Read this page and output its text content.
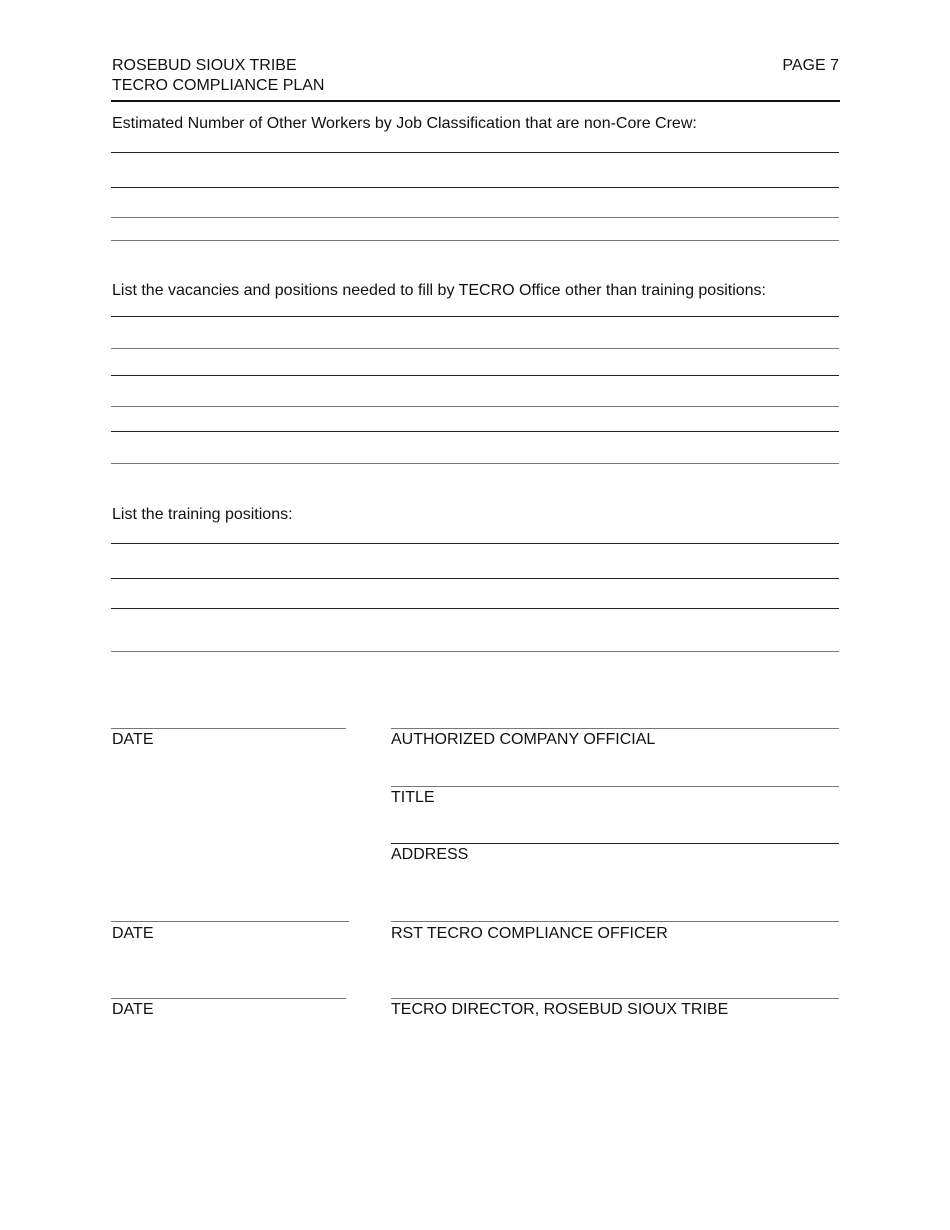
ROSEBUD SIOUX TRIBE
TECRO COMPLIANCE PLAN
PAGE 7
Estimated Number of Other Workers by Job Classification that are non-Core Crew:
List the vacancies and positions needed to fill by TECRO Office other than training positions:
List the training positions:
DATE	AUTHORIZED COMPANY OFFICIAL
TITLE
ADDRESS
DATE	RST TECRO COMPLIANCE OFFICER
DATE	TECRO DIRECTOR, ROSEBUD SIOUX TRIBE
